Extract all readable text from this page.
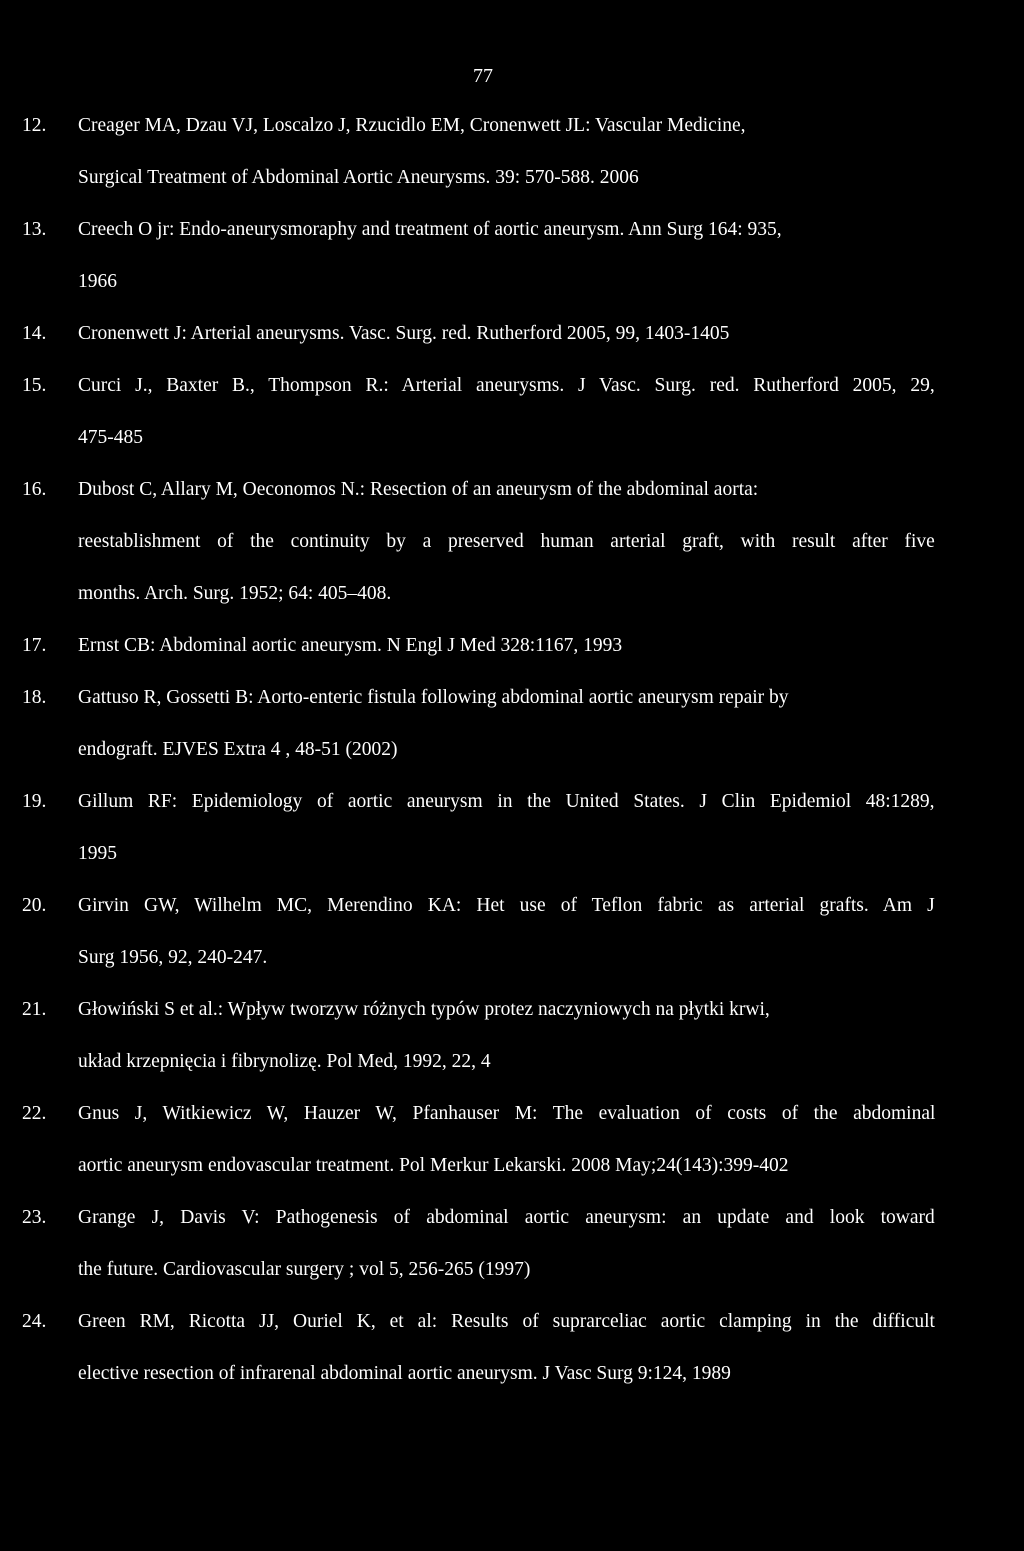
77
12. Creager MA, Dzau VJ, Loscalzo J, Rzucidlo EM, Cronenwett JL: Vascular Medicine,
Surgical Treatment of Abdominal Aortic Aneurysms. 39: 570-588. 2006
13. Creech O jr: Endo-aneurysmoraphy and treatment of aortic aneurysm. Ann Surg 164: 935,
1966
14. Cronenwett J: Arterial aneurysms. Vasc. Surg. red. Rutherford 2005, 99, 1403-1405
15. Curci J., Baxter B., Thompson R.: Arterial aneurysms. J Vasc. Surg. red. Rutherford 2005, 29,
475-485
16. Dubost C, Allary M, Oeconomos N.: Resection of an aneurysm of the abdominal aorta:
reestablishment of the continuity by a preserved human arterial graft, with result after five
months. Arch. Surg. 1952; 64: 405–408.
17. Ernst CB: Abdominal aortic aneurysm. N Engl J Med 328:1167, 1993
18. Gattuso R, Gossetti B: Aorto-enteric fistula following abdominal aortic aneurysm repair by
endograft. EJVES Extra 4 , 48-51 (2002)
19. Gillum RF: Epidemiology of aortic aneurysm in the United States. J Clin Epidemiol 48:1289,
1995
20. Girvin GW, Wilhelm MC, Merendino KA: Het use of Teflon fabric as arterial grafts. Am J
Surg 1956, 92, 240-247.
21. Głowiński S et al.: Wpływ tworzyw różnych typów protez naczyniowych na płytki krwi,
układ krzepnięcia i fibrynolizę. Pol Med, 1992, 22, 4
22. Gnus J, Witkiewicz W, Hauzer W, Pfanhauser M: The evaluation of costs of the abdominal
aortic aneurysm endovascular treatment. Pol Merkur Lekarski. 2008 May;24(143):399-402
23. Grange J, Davis V: Pathogenesis of abdominal aortic aneurysm: an update and look toward
the future. Cardiovascular surgery ; vol 5, 256-265 (1997)
24. Green RM, Ricotta JJ, Ouriel K, et al: Results of suprarceliac aortic clamping in the difficult
elective resection of infrarenal abdominal aortic aneurysm. J Vasc Surg 9:124, 1989
